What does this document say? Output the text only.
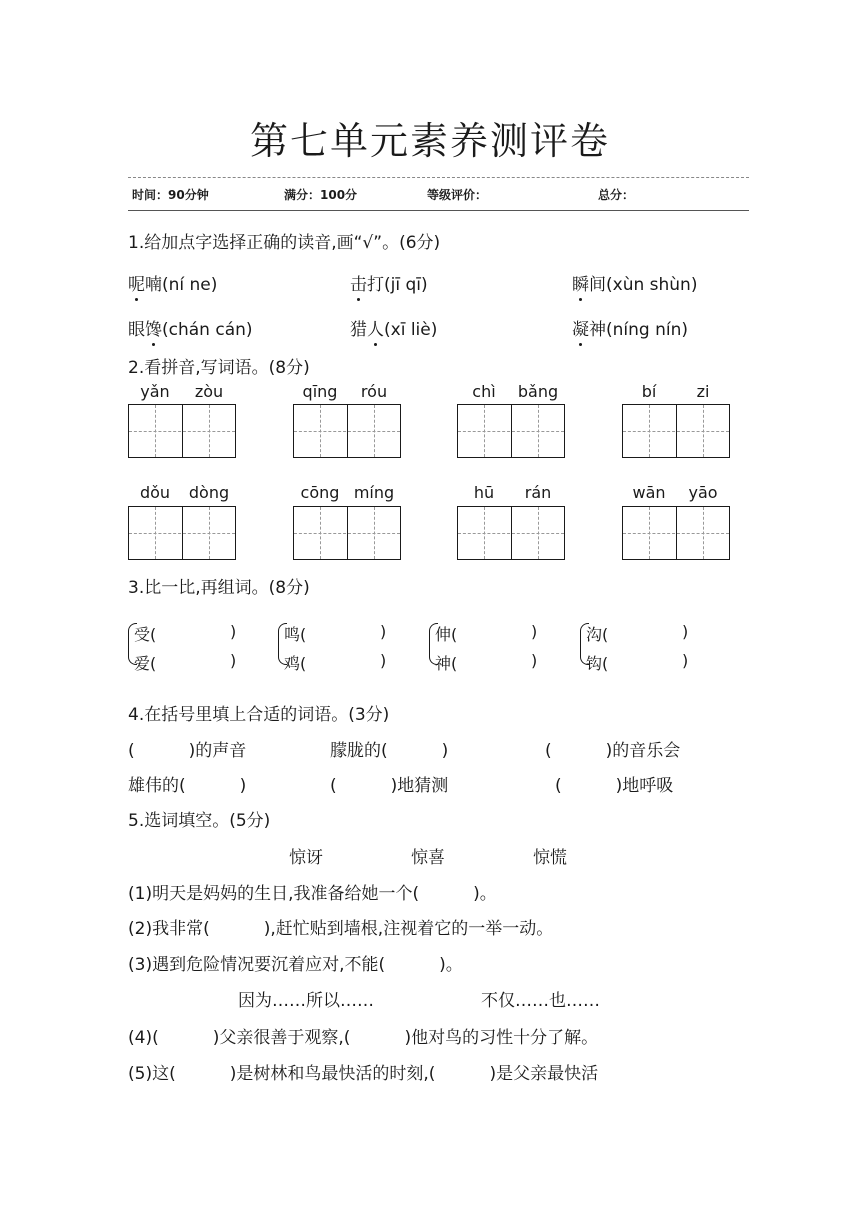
第七单元素养测评卷
时间：90分钟	满分：100分	等级评价：	总分：
1.给加点字选择正确的读音,画“√”。(6分)
呢喃(ní ne)	击打(jī qī)	瞬间(xùn shùn)
眼馋(chán cán)	猎人(xī liè)	凝神(níng nín)
2.看拼音,写词语。(8分)
yǎn	zòu	qīng	róu	chì	bǎng	bí	zi
dǒu	dòng	cōng míng	hū	rán	wān	yāo
3.比一比,再组词。(8分)
受(	)
爱(	)
鸣(	)
鸡(	)
伸(	)
神(	)
沟(	)
钩(	)
4.在括号里填上合适的词语。(3分)
(          )的声音	朦胧的(          )	(          )的音乐会
雄伟的(          )	(          )地猜测	(          )地呼吸
5.选词填空。(5分)
惊讶	惊喜	惊慌
(1)明天是妈妈的生日,我准备给她一个(          )。
(2)我非常(          ),赶忙贴到墙根,注视着它的一举一动。
(3)遇到危险情况要沉着应对,不能(          )。
因为……所以……	不仅……也……
(4)(          )父亲很善于观察,(          )他对鸟的习性十分了解。
(5)这(          )是树林和鸟最快活的时刻,(          )是父亲最快活
